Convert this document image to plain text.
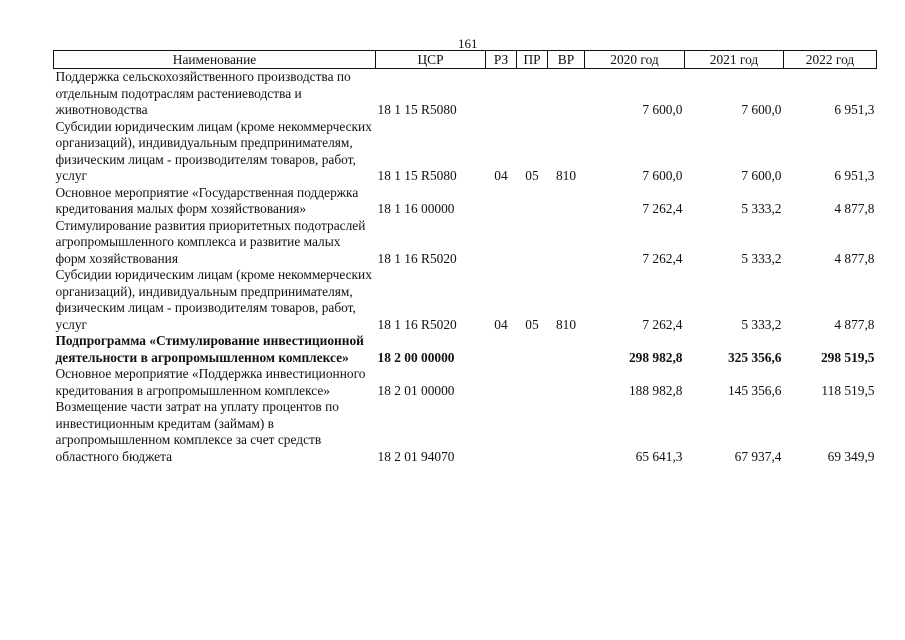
161
Наименование	ЦСР	РЗ	ПР	ВР	2020 год	2021 год	2022 год
Поддержка сельскохозяйственного производства по отдельным подотраслям растениеводства и животноводства	18 1 15 R5080				7 600,0	7 600,0	6 951,3
Субсидии юридическим лицам (кроме некоммерческих организаций), индивидуальным предпринимателям, физическим лицам - производителям товаров, работ, услуг	18 1 15 R5080	04	05	810	7 600,0	7 600,0	6 951,3
Основное мероприятие «Государственная поддержка кредитования малых форм хозяйствования»	18 1 16 00000				7 262,4	5 333,2	4 877,8
Стимулирование развития приоритетных подотраслей агропромышленного комплекса и развитие малых форм хозяйствования	18 1 16 R5020				7 262,4	5 333,2	4 877,8
Субсидии юридическим лицам (кроме некоммерческих организаций), индивидуальным предпринимателям, физическим лицам - производителям товаров, работ, услуг	18 1 16 R5020	04	05	810	7 262,4	5 333,2	4 877,8
Подпрограмма «Стимулирование инвестиционной деятельности в агропромышленном комплексе»	18 2 00 00000				298 982,8	325 356,6	298 519,5
Основное мероприятие «Поддержка инвестиционного кредитования в агропромышленном комплексе»	18 2 01 00000				188 982,8	145 356,6	118 519,5
Возмещение части затрат на уплату процентов по инвестиционным кредитам (займам) в агропромышленном комплексе за счет средств областного бюджета	18 2 01 94070				65 641,3	67 937,4	69 349,9
